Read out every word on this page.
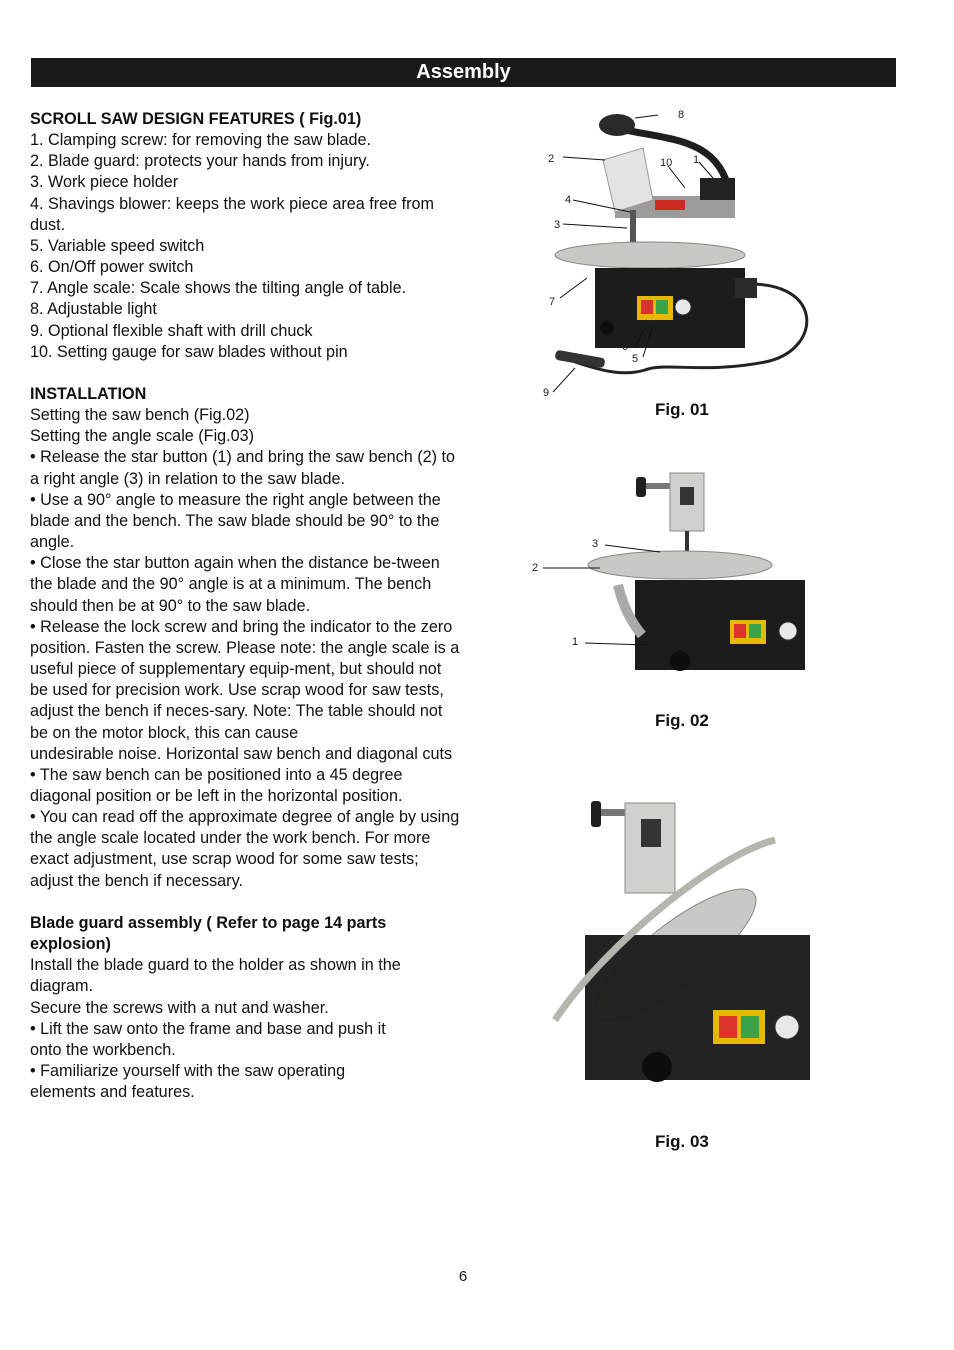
Assembly

SCROLL SAW DESIGN FEATURES ( Fig.01)

1. Clamping screw: for removing the saw blade.

2. Blade guard: protects your hands from injury.

3. Work piece holder

4. Shavings blower: keeps the work piece area free from dust.

5. Variable speed switch

6. On/Off power switch

7. Angle scale: Scale shows the tilting angle of table.

8. Adjustable light

9. Optional flexible shaft with drill chuck

10. Setting gauge for saw blades without pin

INSTALLATION

Setting the saw bench (Fig.02)

Setting the angle scale (Fig.03)

• Release the star button (1) and bring the saw bench (2) to a right angle (3) in relation to the saw blade.

• Use a 90° angle to measure the right angle between the blade and the bench. The saw blade should be 90° to the angle.

• Close the star button again when the distance be-tween the blade and the 90° angle is at a minimum. The bench should then be at 90° to the saw blade.

• Release the lock screw and bring the indicator to the zero position. Fasten the screw. Please note: the angle scale is a useful piece of supplementary equip-ment, but should not be used for precision work. Use scrap wood for saw tests, adjust the bench if neces-sary. Note: The table should not be on the motor block, this can cause

undesirable noise. Horizontal saw bench and diagonal cuts

• The saw bench can be positioned into a 45 degree diagonal position or be left in the horizontal position.

• You can read off the approximate degree of angle by using the angle scale located under the work bench. For more exact adjustment, use scrap wood for some saw tests; adjust the bench if necessary.

Blade guard assembly ( Refer to page 14 parts explosion)

Install the blade guard to the holder as shown in the diagram.

Secure the screws with a nut and washer.

• Lift the saw onto the frame and base and push it onto the workbench.

• Familiarize yourself with the saw operating elements and features.

8
2	10 1
4
3
7
6
5
9
Fig. 01
3
2
1
Fig. 02
Fig. 03
6
